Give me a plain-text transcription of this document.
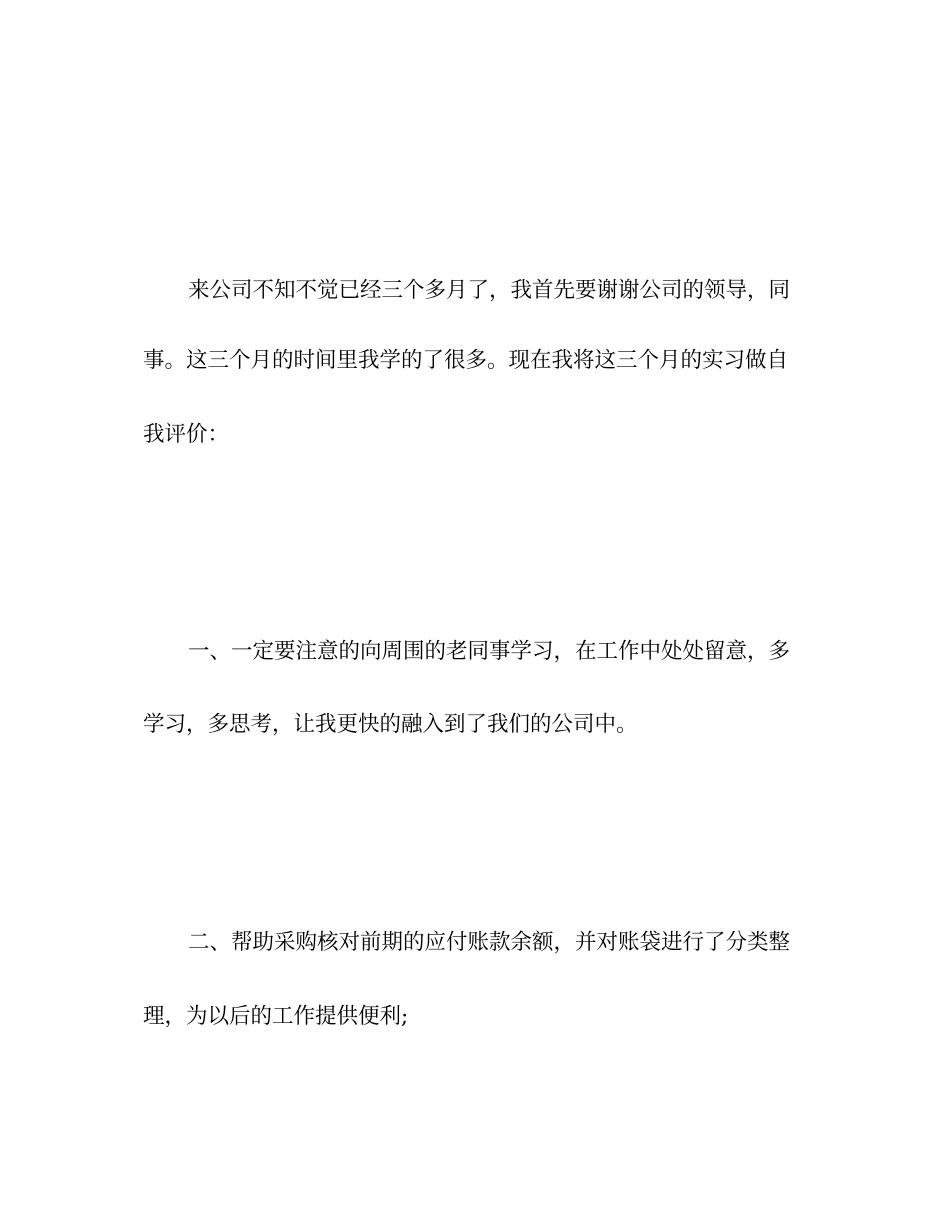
来公司不知不觉已经三个多月了，我首先要谢谢公司的领导，同
事。这三个月的时间里我学的了很多。现在我将这三个月的实习做自
我评价：
一、一定要注意的向周围的老同事学习，在工作中处处留意，多
学习，多思考，让我更快的融入到了我们的公司中。
二、帮助采购核对前期的应付账款余额，并对账袋进行了分类整
理，为以后的工作提供便利;
